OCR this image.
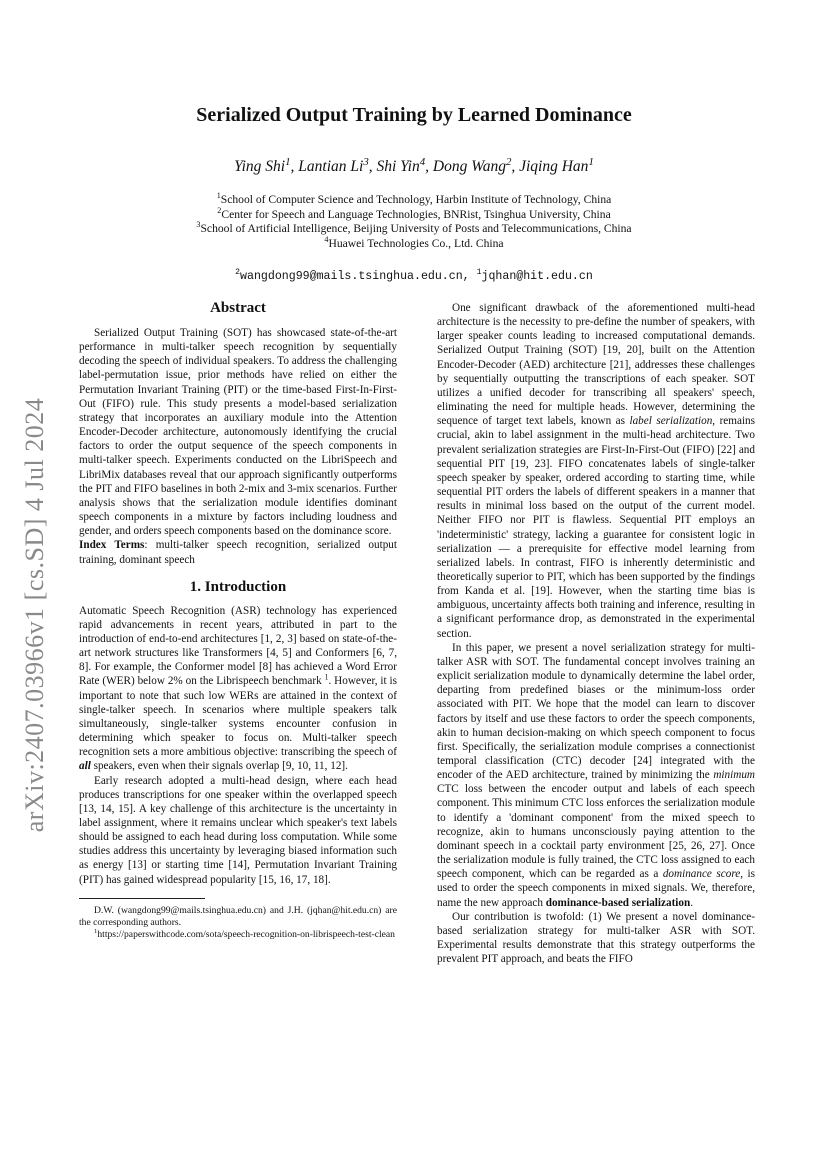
arXiv:2407.03966v1 [cs.SD] 4 Jul 2024
Serialized Output Training by Learned Dominance
Ying Shi$^1$, Lantian Li$^3$, Shi Yin$^4$, Dong Wang$^2$, Jiqing Han$^1$
$^1$School of Computer Science and Technology, Harbin Institute of Technology, China
$^2$Center for Speech and Language Technologies, BNRist, Tsinghua University, China
$^3$School of Artificial Intelligence, Beijing University of Posts and Telecommunications, China
$^4$Huawei Technologies Co., Ltd. China
$^2$wangdong99@mails.tsinghua.edu.cn, $^1$jqhan@hit.edu.cn
Abstract

Serialized Output Training (SOT) has showcased state-of-the-art performance in multi-talker speech recognition by sequentially decoding the speech of individual speakers. To address the challenging label-permutation issue, prior methods have relied on either the Permutation Invariant Training (PIT) or the time-based First-In-First-Out (FIFO) rule. This study presents a model-based serialization strategy that incorporates an auxiliary module into the Attention Encoder-Decoder architecture, autonomously identifying the crucial factors to order the output sequence of the speech components in multi-talker speech. Experiments conducted on the LibriSpeech and LibriMix databases reveal that our approach significantly outperforms the PIT and FIFO baselines in both 2-mix and 3-mix scenarios. Further analysis shows that the serialization module identifies dominant speech components in a mixture by factors including loudness and gender, and orders speech components based on the dominance score.

Index Terms: multi-talker speech recognition, serialized output training, dominant speech

1. Introduction

Automatic Speech Recognition (ASR) technology has experienced rapid advancements in recent years, attributed in part to the introduction of end-to-end architectures [1, 2, 3] based on state-of-the-art network structures like Transformers [4, 5] and Conformers [6, 7, 8]. For example, the Conformer model [8] has achieved a Word Error Rate (WER) below 2% on the Librispeech benchmark $^1$. However, it is important to note that such low WERs are attained in the context of single-talker speech. In scenarios where multiple speakers talk simultaneously, single-talker systems encounter confusion in determining which speaker to focus on. Multi-talker speech recognition sets a more ambitious objective: transcribing the speech of all speakers, even when their signals overlap [9, 10, 11, 12].

Early research adopted a multi-head design, where each head produces transcriptions for one speaker within the overlapped speech [13, 14, 15]. A key challenge of this architecture is the uncertainty in label assignment, where it remains unclear which speaker's text labels should be assigned to each head during loss computation. While some studies address this uncertainty by leveraging biased information such as energy [13] or starting time [14], Permutation Invariant Training (PIT) has gained widespread popularity [15, 16, 17, 18].

D.W. (wangdong99@mails.tsinghua.edu.cn) and J.H. (jqhan@hit.edu.cn) are the corresponding authors.

$^1$https://paperswithcode.com/sota/speech-recognition-on-librispeech-test-clean

One significant drawback of the aforementioned multi-head architecture is the necessity to pre-define the number of speakers, with larger speaker counts leading to increased computational demands. Serialized Output Training (SOT) [19, 20], built on the Attention Encoder-Decoder (AED) architecture [21], addresses these challenges by sequentially outputting the transcriptions of each speaker. SOT utilizes a unified decoder for transcribing all speakers' speech, eliminating the need for multiple heads. However, determining the sequence of target text labels, known as label serialization, remains crucial, akin to label assignment in the multi-head architecture. Two prevalent serialization strategies are First-In-First-Out (FIFO) [22] and sequential PIT [19, 23]. FIFO concatenates labels of single-talker speech speaker by speaker, ordered according to starting time, while sequential PIT orders the labels of different speakers in a manner that results in minimal loss based on the output of the current model. Neither FIFO nor PIT is flawless. Sequential PIT employs an 'indeterministic' strategy, lacking a guarantee for consistent logic in serialization — a prerequisite for effective model learning from serialized labels. In contrast, FIFO is inherently deterministic and theoretically superior to PIT, which has been supported by the findings from Kanda et al. [19]. However, when the starting time bias is ambiguous, uncertainty affects both training and inference, resulting in a significant performance drop, as demonstrated in the experimental section.

In this paper, we present a novel serialization strategy for multi-talker ASR with SOT. The fundamental concept involves training an explicit serialization module to dynamically determine the label order, departing from predefined biases or the minimum-loss order associated with PIT. We hope that the model can learn to discover factors by itself and use these factors to order the speech components, akin to human decision-making on which speech component to focus first. Specifically, the serialization module comprises a connectionist temporal classification (CTC) decoder [24] integrated with the encoder of the AED architecture, trained by minimizing the minimum CTC loss between the encoder output and labels of each speech component. This minimum CTC loss enforces the serialization module to identify a 'dominant component' from the mixed speech to recognize, akin to humans unconsciously paying attention to the dominant speech in a cocktail party environment [25, 26, 27]. Once the serialization module is fully trained, the CTC loss assigned to each speech component, which can be regarded as a dominance score, is used to order the speech components in mixed signals. We, therefore, name the new approach dominance-based serialization.

Our contribution is twofold: (1) We present a novel dominance-based serialization strategy for multi-talker ASR with SOT. Experimental results demonstrate that this strategy outperforms the prevalent PIT approach, and beats the FIFO
